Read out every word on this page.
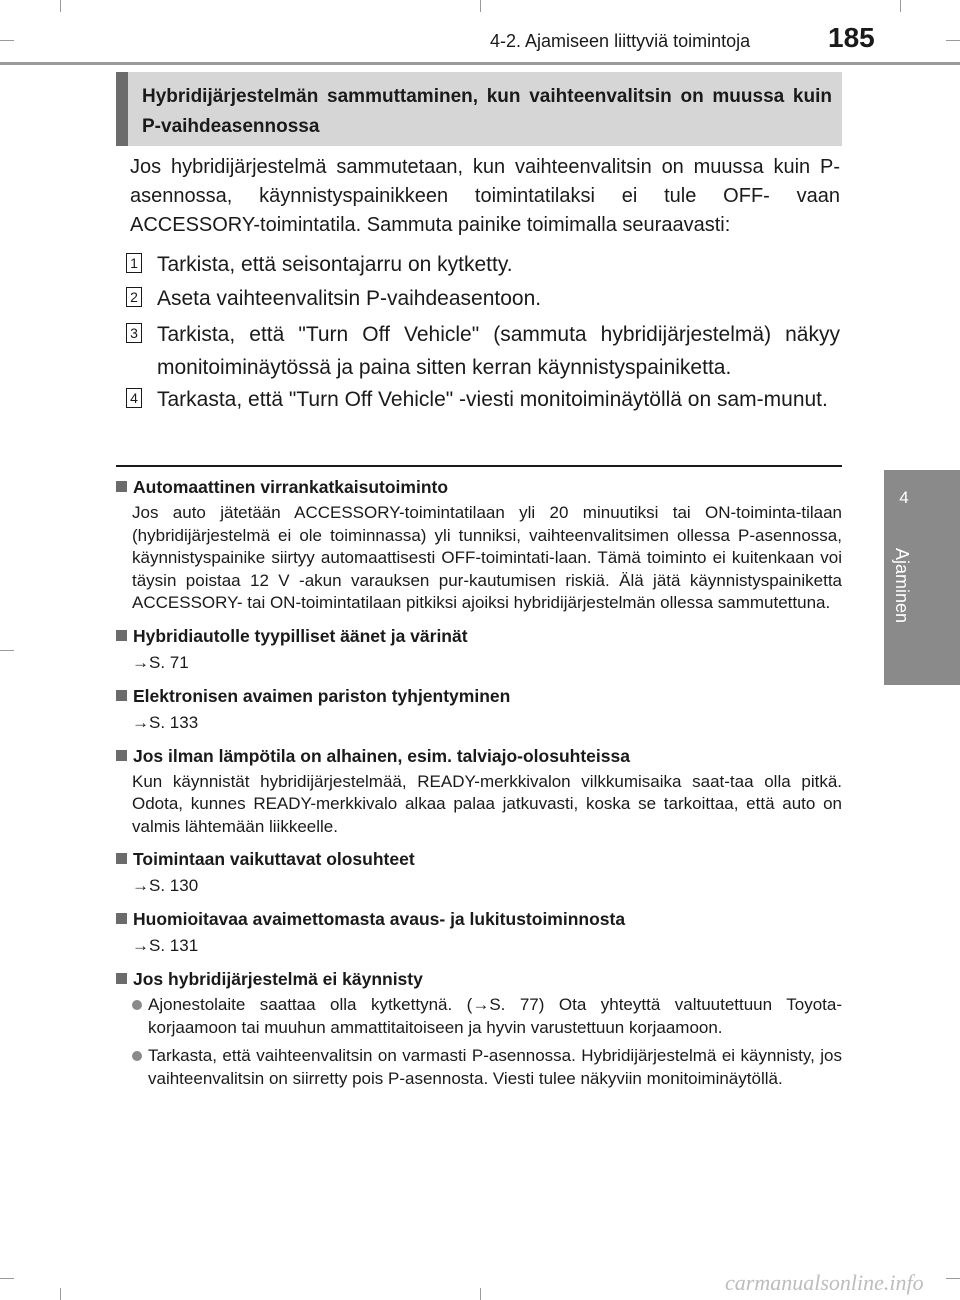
4-2. Ajamiseen liittyviä toimintoja	185
4
Ajaminen
Hybridijärjestelmän sammuttaminen, kun vaihteenvalitsin on muussa kuin P-vaihdeasennossa

Jos hybridijärjestelmä sammutetaan, kun vaihteenvalitsin on muussa kuin P-asennossa, käynnistyspainikkeen toimintatilaksi ei tule OFF- vaan ACCESSORY-toimintatila. Sammuta painike toimimalla seuraavasti:

1 Tarkista, että seisontajarru on kytketty.

2 Aseta vaihteenvalitsin P-vaihdeasentoon.

3 Tarkista, että "Turn Off Vehicle" (sammuta hybridijärjestelmä) näkyy monitoiminäytössä ja paina sitten kerran käynnistyspainiketta.

4 Tarkasta, että "Turn Off Vehicle" -viesti monitoiminäytöllä on sam-munut.

Automaattinen virrankatkaisutoiminto
Jos auto jätetään ACCESSORY-toimintatilaan yli 20 minuutiksi tai ON-toiminta-tilaan (hybridijärjestelmä ei ole toiminnassa) yli tunniksi, vaihteenvalitsimen ollessa P-asennossa, käynnistyspainike siirtyy automaattisesti OFF-toimintati-laan. Tämä toiminto ei kuitenkaan voi täysin poistaa 12 V -akun varauksen pur-kautumisen riskiä. Älä jätä käynnistyspainiketta ACCESSORY- tai ON-toimintatilaan pitkiksi ajoiksi hybridijärjestelmän ollessa sammutettuna.
Hybridiautolle tyypilliset äänet ja värinät
→S. 71
Elektronisen avaimen pariston tyhjentyminen
→S. 133
Jos ilman lämpötila on alhainen, esim. talviajo-olosuhteissa
Kun käynnistät hybridijärjestelmää, READY-merkkivalon vilkkumisaika saat-taa olla pitkä. Odota, kunnes READY-merkkivalo alkaa palaa jatkuvasti, koska se tarkoittaa, että auto on valmis lähtemään liikkeelle.
Toimintaan vaikuttavat olosuhteet
→S. 130
Huomioitavaa avaimettomasta avaus- ja lukitustoiminnosta
→S. 131
Jos hybridijärjestelmä ei käynnisty
Ajonestolaite saattaa olla kytkettynä. (→S. 77) Ota yhteyttä valtuutettuun Toyota-korjaamoon tai muuhun ammattitaitoiseen ja hyvin varustettuun korjaamoon.
Tarkasta, että vaihteenvalitsin on varmasti P-asennossa. Hybridijärjestelmä ei käynnisty, jos vaihteenvalitsin on siirretty pois P-asennosta. Viesti tulee näkyviin monitoiminäytöllä.
carmanualsonline.info
